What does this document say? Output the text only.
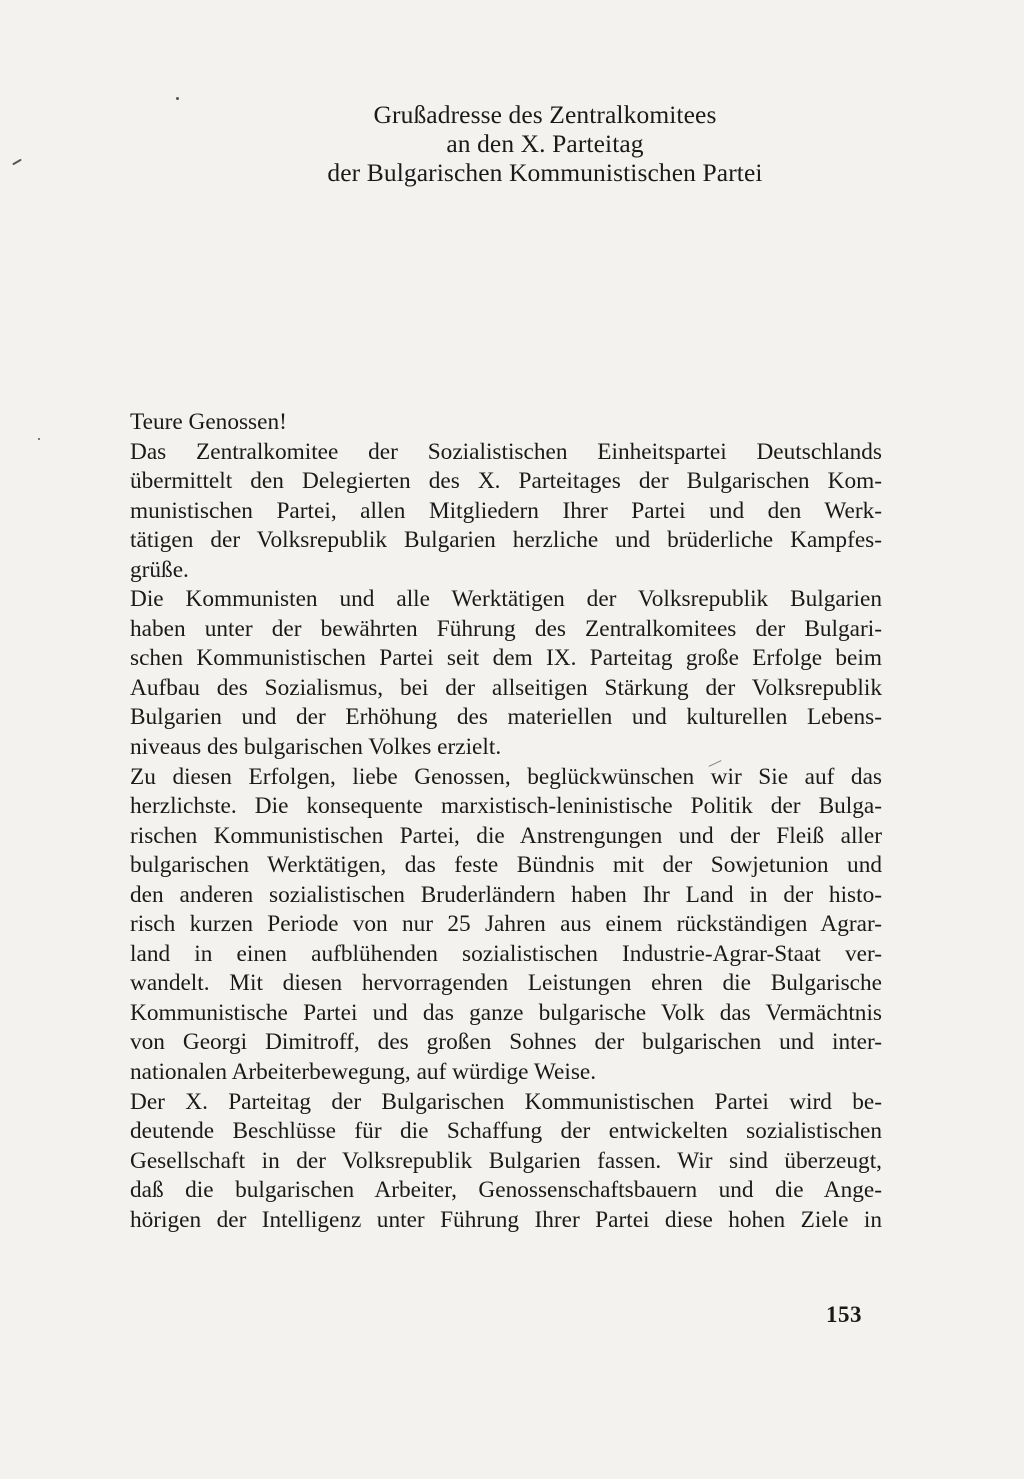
Grußadresse des Zentralkomitees
an den X. Parteitag
der Bulgarischen Kommunistischen Partei
Teure Genossen!
Das Zentralkomitee der Sozialistischen Einheitspartei Deutschlands
übermittelt den Delegierten des X. Parteitages der Bulgarischen Kom-
munistischen Partei, allen Mitgliedern Ihrer Partei und den Werk-
tätigen der Volksrepublik Bulgarien herzliche und brüderliche Kampfes-
grüße.
Die Kommunisten und alle Werktätigen der Volksrepublik Bulgarien
haben unter der bewährten Führung des Zentralkomitees der Bulgari-
schen Kommunistischen Partei seit dem IX. Parteitag große Erfolge beim
Aufbau des Sozialismus, bei der allseitigen Stärkung der Volksrepublik
Bulgarien und der Erhöhung des materiellen und kulturellen Lebens-
niveaus des bulgarischen Volkes erzielt.
Zu diesen Erfolgen, liebe Genossen, beglückwünschen wir Sie auf das
herzlichste. Die konsequente marxistisch-leninistische Politik der Bulga-
rischen Kommunistischen Partei, die Anstrengungen und der Fleiß aller
bulgarischen Werktätigen, das feste Bündnis mit der Sowjetunion und
den anderen sozialistischen Bruderländern haben Ihr Land in der histo-
risch kurzen Periode von nur 25 Jahren aus einem rückständigen Agrar-
land in einen aufblühenden sozialistischen Industrie-Agrar-Staat ver-
wandelt. Mit diesen hervorragenden Leistungen ehren die Bulgarische
Kommunistische Partei und das ganze bulgarische Volk das Vermächtnis
von Georgi Dimitroff, des großen Sohnes der bulgarischen und inter-
nationalen Arbeiterbewegung, auf würdige Weise.
Der X. Parteitag der Bulgarischen Kommunistischen Partei wird be-
deutende Beschlüsse für die Schaffung der entwickelten sozialistischen
Gesellschaft in der Volksrepublik Bulgarien fassen. Wir sind überzeugt,
daß die bulgarischen Arbeiter, Genossenschaftsbauern und die Ange-
hörigen der Intelligenz unter Führung Ihrer Partei diese hohen Ziele in
153
